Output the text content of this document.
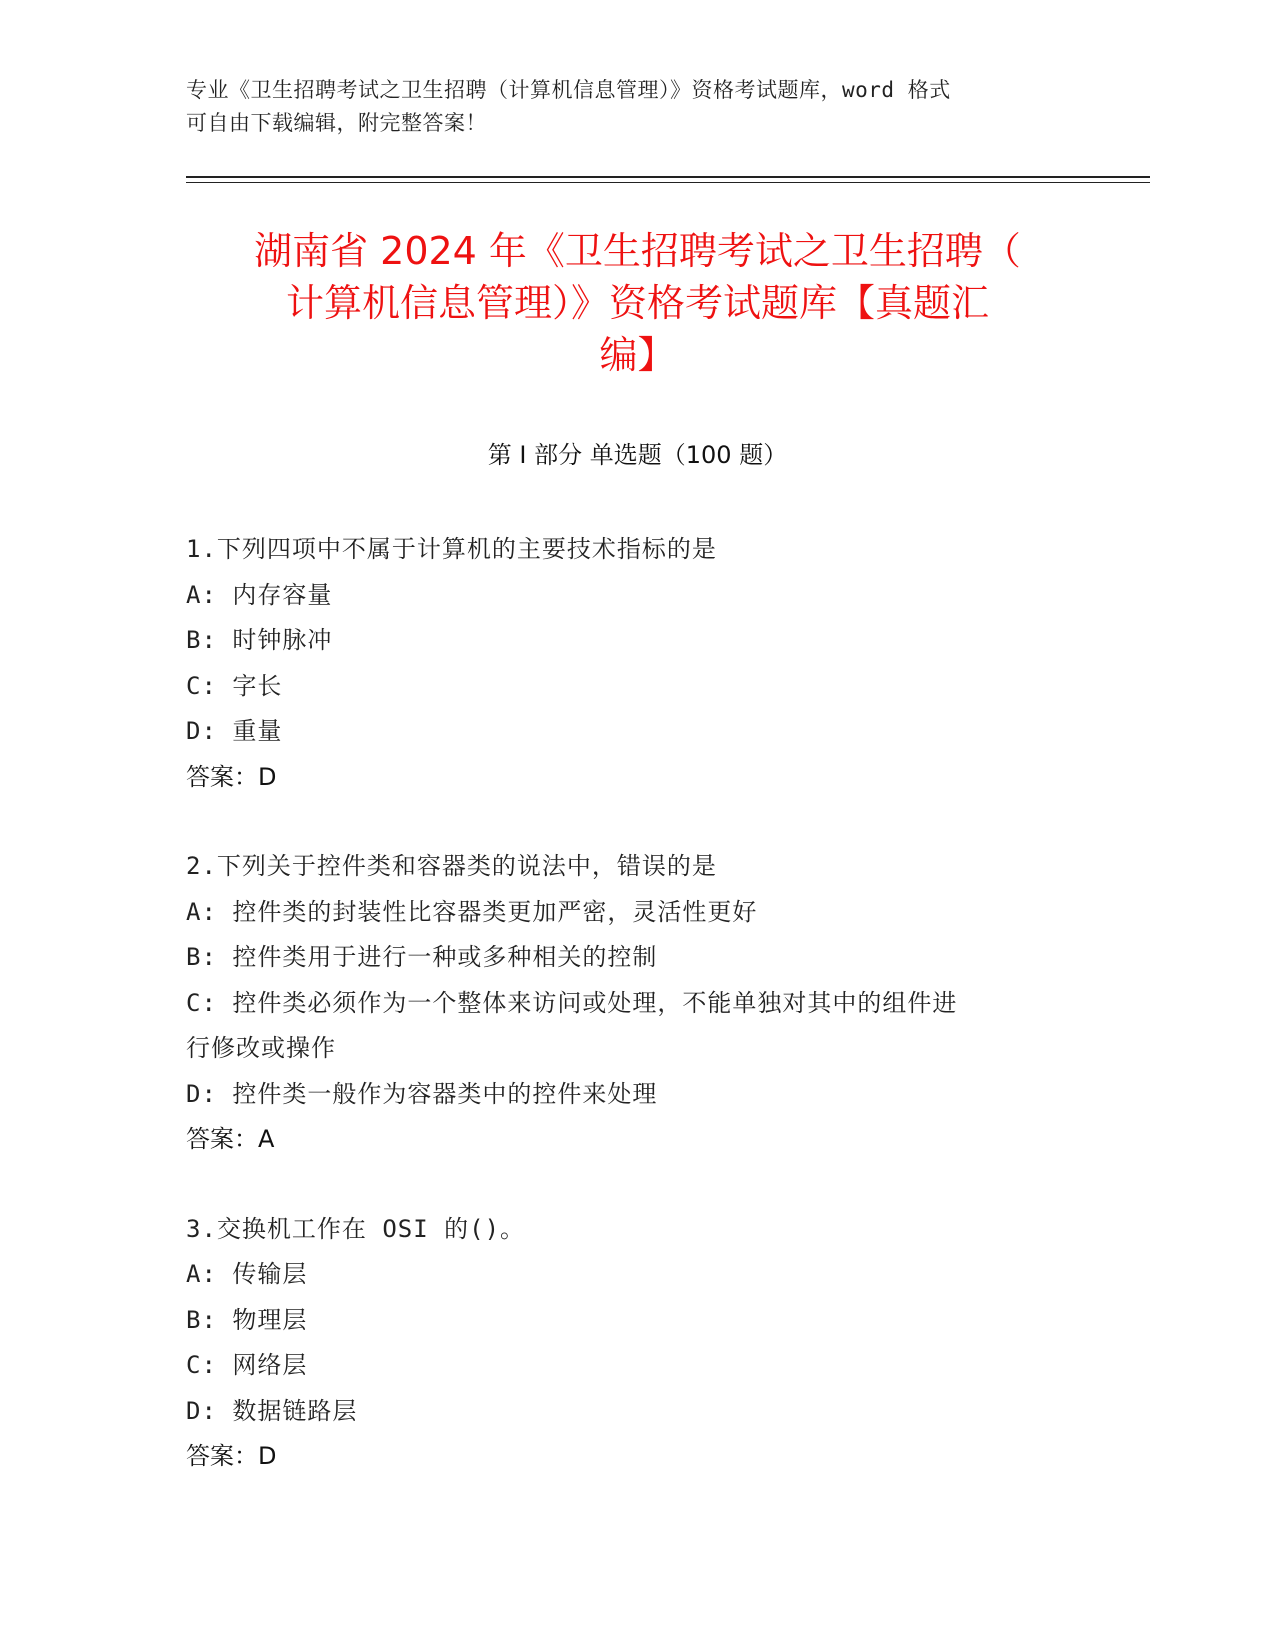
专业《卫生招聘考试之卫生招聘（计算机信息管理）》资格考试题库，word 格式
可自由下载编辑，附完整答案！
湖南省 2024 年《卫生招聘考试之卫生招聘（
计算机信息管理）》资格考试题库【真题汇
编】
第 I 部分 单选题（100 题）
1.下列四项中不属于计算机的主要技术指标的是
A: 内存容量
B: 时钟脉冲
C: 字长
D: 重量
答案：D
2.下列关于控件类和容器类的说法中，错误的是
A: 控件类的封装性比容器类更加严密，灵活性更好
B: 控件类用于进行一种或多种相关的控制
C: 控件类必须作为一个整体来访问或处理，不能单独对其中的组件进
行修改或操作
D: 控件类一般作为容器类中的控件来处理
答案：A
3.交换机工作在 OSI 的()。
A: 传输层
B: 物理层
C: 网络层
D: 数据链路层
答案：D
